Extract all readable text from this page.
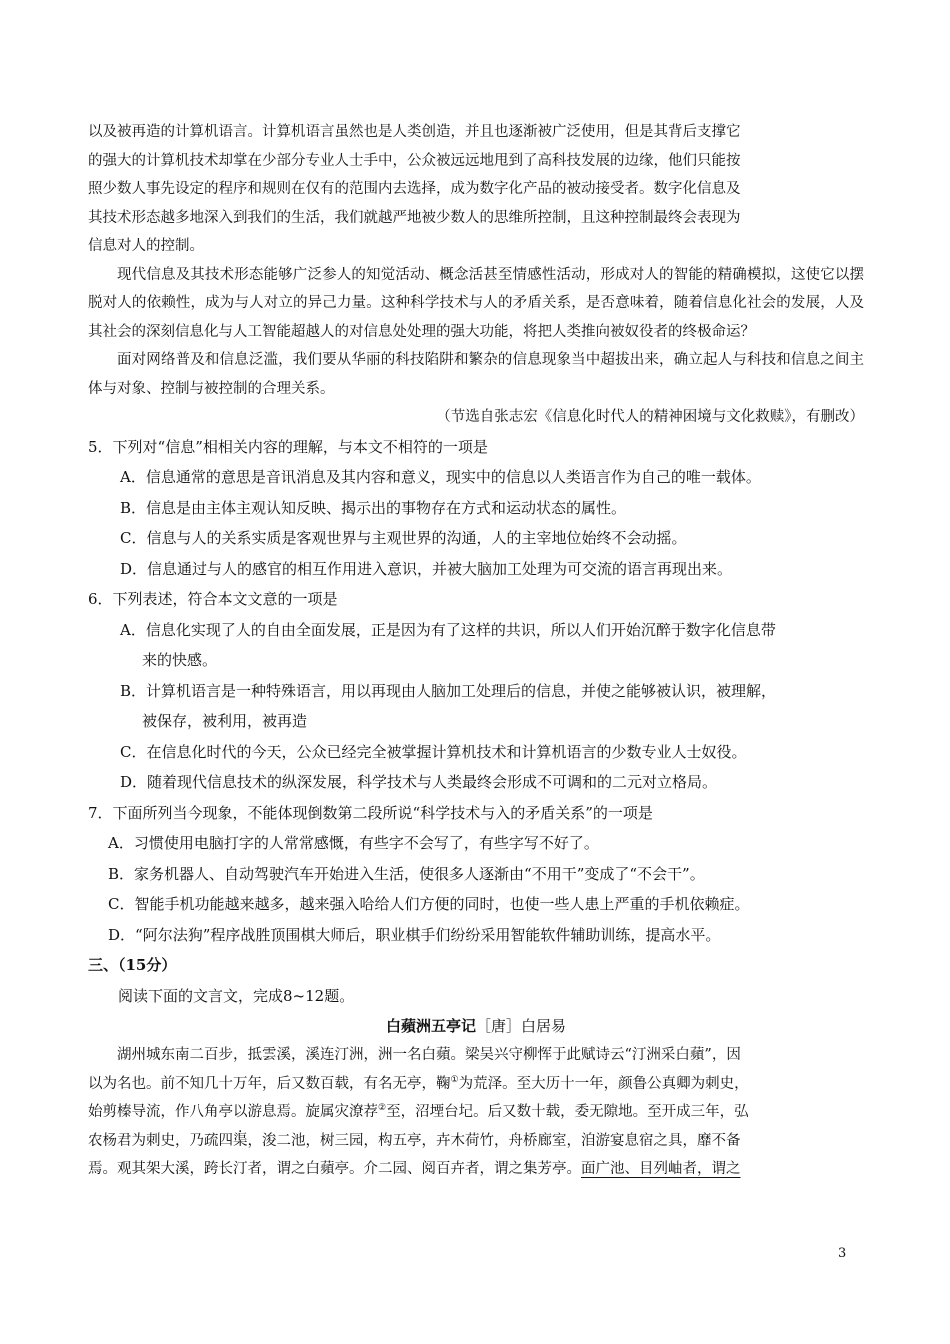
以及被再造的计算机语言。计算机语言虽然也是人类创造，并且也逐渐被广泛使用，但是其背后支撑它

的强大的计算机技术却掌在少部分专业人士手中，公众被远远地甩到了高科技发展的边缘，他们只能按

照少数人事先设定的程序和规则在仅有的范围内去选择，成为数字化产品的被动接受者。数字化信息及

其技术形态越多地深入到我们的生活，我们就越严地被少数人的思维所控制，且这种控制最终会表现为

信息对人的控制。

现代信息及其技术形态能够广泛参人的知觉活动、概念活甚至情感性活动，形成对人的智能的精确模拟，这使它以摆脱对人的依赖性，成为与人对立的异己力量。这种科学技术与人的矛盾关系，是否意味着，随着信息化社会的发展，人及其社会的深刻信息化与人工智能超越人的对信息处处理的强大功能，将把人类推向被奴役者的终极命运？

面对网络普及和信息泛滥，我们要从华丽的科技陷阱和繁杂的信息现象当中超拔出来，确立起人与科技和信息之间主体与对象、控制与被控制的合理关系。

（节选自张志宏《信息化时代人的精神困境与文化救赎》，有删改）

5．下列对“信息”相相关内容的理解，与本文不相符的一项是

A．信息通常的意思是音讯消息及其内容和意义，现实中的信息以人类语言作为自己的唯一载体。

B．信息是由主体主观认知反映、揭示出的事物存在方式和运动状态的属性。

C．信息与人的关系实质是客观世界与主观世界的沟通，人的主宰地位始终不会动摇。

D．信息通过与人的感官的相互作用进入意识，并被大脑加工处理为可交流的语言再现出来。

6．下列表述，符合本文文意的一项是

A．信息化实现了人的自由全面发展，正是因为有了这样的共识，所以人们开始沉醉于数字化信息带

来的快感。

B．计算机语言是一种特殊语言，用以再现由人脑加工处理后的信息，并使之能够被认识，被理解，

被保存，被利用，被再造

C．在信息化时代的今天，公众已经完全被掌握计算机技术和计算机语言的少数专业人士奴役。

D．随着现代信息技术的纵深发展，科学技术与人类最终会形成不可调和的二元对立格局。

7．下面所列当今现象，不能体现倒数第二段所说“科学技术与入的矛盾关系”的一项是

A．习惯使用电脑打字的人常常感慨，有些字不会写了，有些字写不好了。

B．家务机器人、自动驾驶汽车开始进入生活，使很多人逐渐由“不用干”变成了“不会干”。

C．智能手机功能越来越多，越来强入哈给人们方便的同时，也使一些人患上严重的手机依赖症。

D．“阿尔法狗”程序战胜顶围棋大师后，职业棋手们纷纷采用智能软件辅助训练，提高水平。

三、（15分）

阅读下面的文言文，完成8~12题。

白蘋洲五亭记［唐］白居易

湖州城东南二百步，抵雲溪，溪连汀洲，洲一名白蘋。梁吴兴守柳恽于此赋诗云“汀洲采白蘋”，因

以为名也。前不知几十万年，后又数百载，有名无亭，鞠①为荒泽。至大历十一年，颜鲁公真卿为刺史，

始剪榛导流，作八角亭以游息焉。旋属灾潦荐②至，沼堙台圮。后又数十载，委无隙地。至开成三年，弘

农杨君为刺史，乃疏四渠，浚二池，树三园，构五亭，卉木荷竹，舟桥廊室，洎游宴息宿之具，靡不备

焉。观其架大溪，跨长汀者，谓之白蘋亭。介二园、阅百卉者，谓之集芳亭。面广池、目列岫者，谓之

3
